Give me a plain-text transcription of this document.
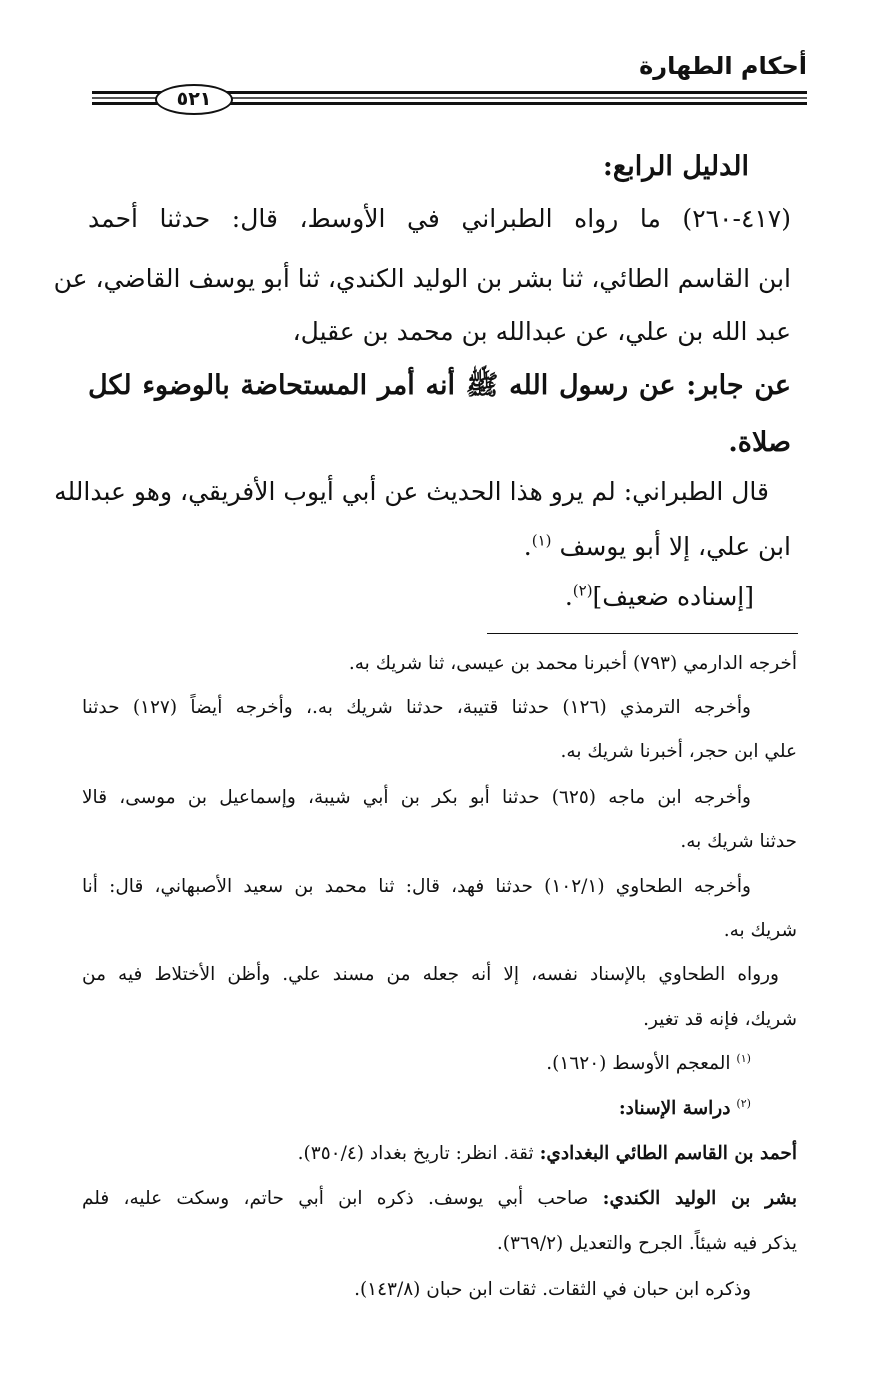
أحكام الطهارة
٥٢١
الدليل الرابع:
(٤١٧-٢٦٠) ما رواه الطبراني في الأوسط، قال: حدثنا أحمد
ابن القاسم الطائي، ثنا بشر بن الوليد الكندي، ثنا أبو يوسف القاضي، عن
عبد الله بن علي، عن عبدالله بن محمد بن عقيل،
عن جابر: عن رسول الله ﷺ أنه أمر المستحاضة بالوضوء لكل
صلاة.
قال الطبراني: لم يرو هذا الحديث عن أبي أيوب الأفريقي، وهو عبدالله
ابن علي، إلا أبو يوسف $^{(١)}$.
[إسناده ضعيف]$^{(٢)}$.
أخرجه الدارمي (٧٩٣) أخبرنا محمد بن عيسى، ثنا شريك به.
وأخرجه الترمذي (١٢٦) حدثنا قتيبة، حدثنا شريك به.، وأخرجه أيضاً (١٢٧) حدثنا
علي ابن حجر، أخبرنا شريك به.
وأخرجه ابن ماجه (٦٢٥) حدثنا أبو بكر بن أبي شيبة، وإسماعيل بن موسى، قالا
حدثنا شريك به.
وأخرجه الطحاوي (١٠٢/١) حدثنا فهد، قال: ثنا محمد بن سعيد الأصبهاني، قال: أنا
شريك به.
ورواه الطحاوي بالإسناد نفسه، إلا أنه جعله من مسند علي. وأظن الأختلاط فيه من
شريك، فإنه قد تغير.
$^{(١)}$ المعجم الأوسط (١٦٢٠).
$^{(٢)}$ دراسة الإسناد:
أحمد بن القاسم الطائي البغدادي: ثقة. انظر: تاريخ بغداد (٣٥٠/٤).
بشر بن الوليد الكندي: صاحب أبي يوسف. ذكره ابن أبي حاتم، وسكت عليه، فلم
يذكر فيه شيئاً. الجرح والتعديل (٣٦٩/٢).
وذكره ابن حبان في الثقات. ثقات ابن حبان (١٤٣/٨).
